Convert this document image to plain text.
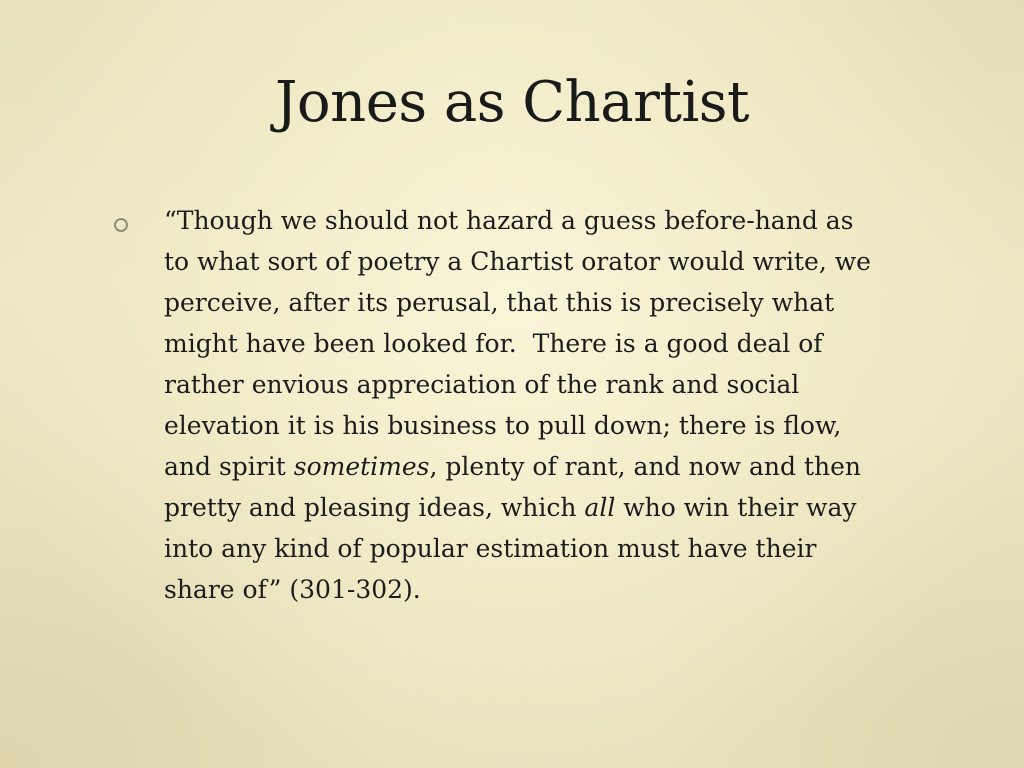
Jones as Chartist
“Though we should not hazard a guess before-hand as
to what sort of poetry a Chartist orator would write, we
perceive, after its perusal, that this is precisely what
might have been looked for.  There is a good deal of
rather envious appreciation of the rank and social
elevation it is his business to pull down; there is flow,
and spirit sometimes, plenty of rant, and now and then
pretty and pleasing ideas, which all who win their way
into any kind of popular estimation must have their
share of” (301-302).
